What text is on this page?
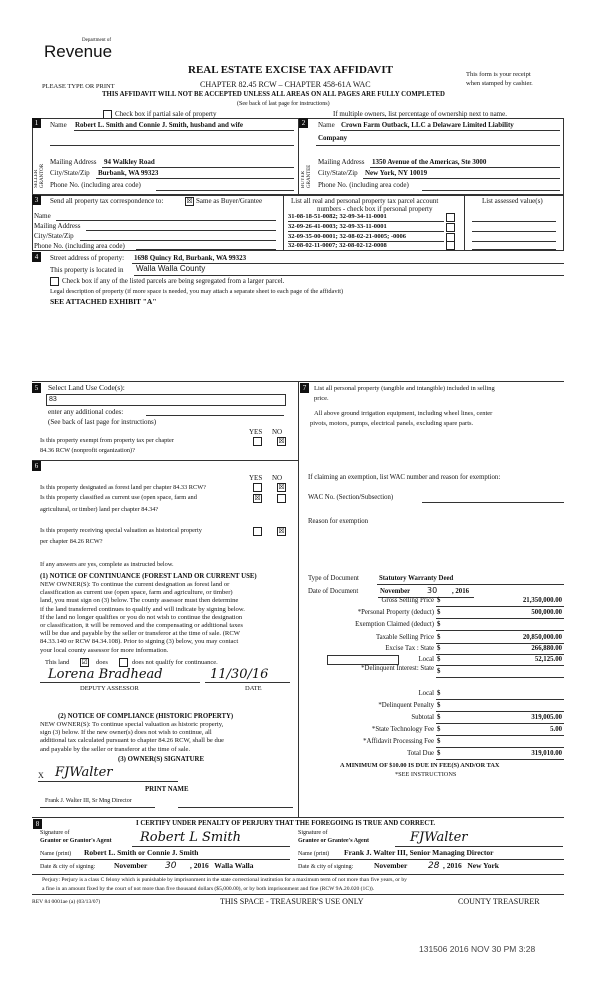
Department of
Revenue
PLEASE TYPE OR PRINT
REAL ESTATE EXCISE TAX AFFIDAVIT
CHAPTER 82.45 RCW – CHAPTER 458-61A WAC
This form is your receipt
when stamped by cashier.
THIS AFFIDAVIT WILL NOT BE ACCEPTED UNLESS ALL AREAS ON ALL PAGES ARE FULLY COMPLETED
(See back of last page for instructions)
Check box if partial sale of property	If multiple owners, list percentage of ownership next to name.
1
SELLER GRANTOR
Name Robert L. Smith and Connie J. Smith, husband and wife
Mailing Address 94 Walkley Road
City/State/Zip Burbank, WA 99323
Phone No. (including area code)
2
BUYER GRANTEE
Name Crown Farm Outback, LLC a Delaware Limited Liability
Company
Mailing Address 1350 Avenue of the Americas, Ste 3000
City/State/Zip New York, NY 10019
Phone No. (including area code)
3	Send all property tax correspondence to:	☒ Same as Buyer/Grantee
Name
Mailing Address
City/State/Zip
Phone No. (including area code)
List all real and personal property tax parcel account
numbers - check box if personal property
List assessed value(s)
31-08-18-51-0082; 32-09-34-11-0001
32-09-26-41-0003; 32-09-33-11-0001
32-09-35-00-0001; 32-08-02-21-0005; -0006
32-08-02-11-0007; 32-08-02-12-0008
4	Street address of property: 1698 Quincy Rd, Burbank, WA 99323
This property is located in Walla Walla County
Check box if any of the listed parcels are being segregated from a larger parcel.
Legal description of property (if more space is needed, you may attach a separate sheet to each page of the affidavit)
SEE ATTACHED EXHIBIT "A"
5	Select Land Use Code(s):
83
enter any additional codes:
(See back of last page for instructions)
YES NO
Is this property exempt from property tax per chapter
84.36 RCW (nonprofit organization)?
☒
6
YES NO
Is this property designated as forest land per chapter 84.33 RCW?	☒
Is this property classified as current use (open space, farm and
agricultural, or timber) land per chapter 84.34?
☒
Is this property receiving special valuation as historical property
per chapter 84.26 RCW?
☒
If any answers are yes, complete as instructed below.
(1) NOTICE OF CONTINUANCE (FOREST LAND OR CURRENT USE)
NEW OWNER(S): To continue the current designation as forest land or
classification as current use (open space, farm and agriculture, or timber)
land, you must sign on (3) below. The county assessor must then determine
if the land transferred continues to qualify and will indicate by signing below.
If the land no longer qualifies or you do not wish to continue the designation
or classification, it will be removed and the compensating or additional taxes
will be due and payable by the seller or transferor at the time of sale. (RCW
84.33.140 or RCW 84.34.108). Prior to signing (3) below, you may contact
your local county assessor for more information.
This land ☑ does	does not qualify for continuance.
Lorena Bradhead	11/30/16
DEPUTY ASSESSOR	DATE
(2) NOTICE OF COMPLIANCE (HISTORIC PROPERTY)
NEW OWNER(S): To continue special valuation as historic property,
sign (3) below. If the new owner(s) does not wish to continue, all
additional tax calculated pursuant to chapter 84.26 RCW, shall be due
and payable by the seller or transferor at the time of sale.
(3) OWNER(S) SIGNATURE
X FJWalter
PRINT NAME
Frank J. Walter III, Sr Mng Director
7	List all personal property (tangible and intangible) included in selling
price.
All above ground irrigation equipment, including wheel lines, center
pivots, motors, pumps, electrical panels, excluding spare parts.
If claiming an exemption, list WAC number and reason for exemption:
WAC No. (Section/Subsection)
Reason for exemption
Type of Document	Statutory Warranty Deed
Date of Document	November 30 , 2016
Gross Selling Price $	21,350,000.00
*Personal Property (deduct) $	500,000.00
Exemption Claimed (deduct) $
Taxable Selling Price $	20,850,000.00
Excise Tax : State $	266,880.00
Local $	52,125.00
*Delinquent Interest: State $
Local $
*Delinquent Penalty $
Subtotal $	319,005.00
*State Technology Fee $	5.00
*Affidavit Processing Fee $
Total Due $	319,010.00
A MINIMUM OF $10.00 IS DUE IN FEE(S) AND/OR TAX
*SEE INSTRUCTIONS
8	I CERTIFY UNDER PENALTY OF PERJURY THAT THE FOREGOING IS TRUE AND CORRECT.
Signature of
Grantor or Grantor's Agent Robert L Smith	Signature of
Grantee or Grantee's Agent	FJWalter
Name (print) Robert L. Smith or Connie J. Smith	Name (print) Frank J. Walter III, Senior Managing Director
Date & city of signing: November 30 , 2016   Walla Walla	Date & city of signing:	November 28 , 2016   New York
Perjury: Perjury is a class C felony which is punishable by imprisonment in the state correctional institution for a maximum term of not more than five years, or by
a fine in an amount fixed by the court of not more than five thousand dollars ($5,000.00), or by both imprisonment and fine (RCW 9A.20.020 (1C)).
REV 84 0001ae (a) (03/13/07)	THIS SPACE - TREASURER'S USE ONLY	COUNTY TREASURER
131506 2016 NOV 30 PM 3:28
